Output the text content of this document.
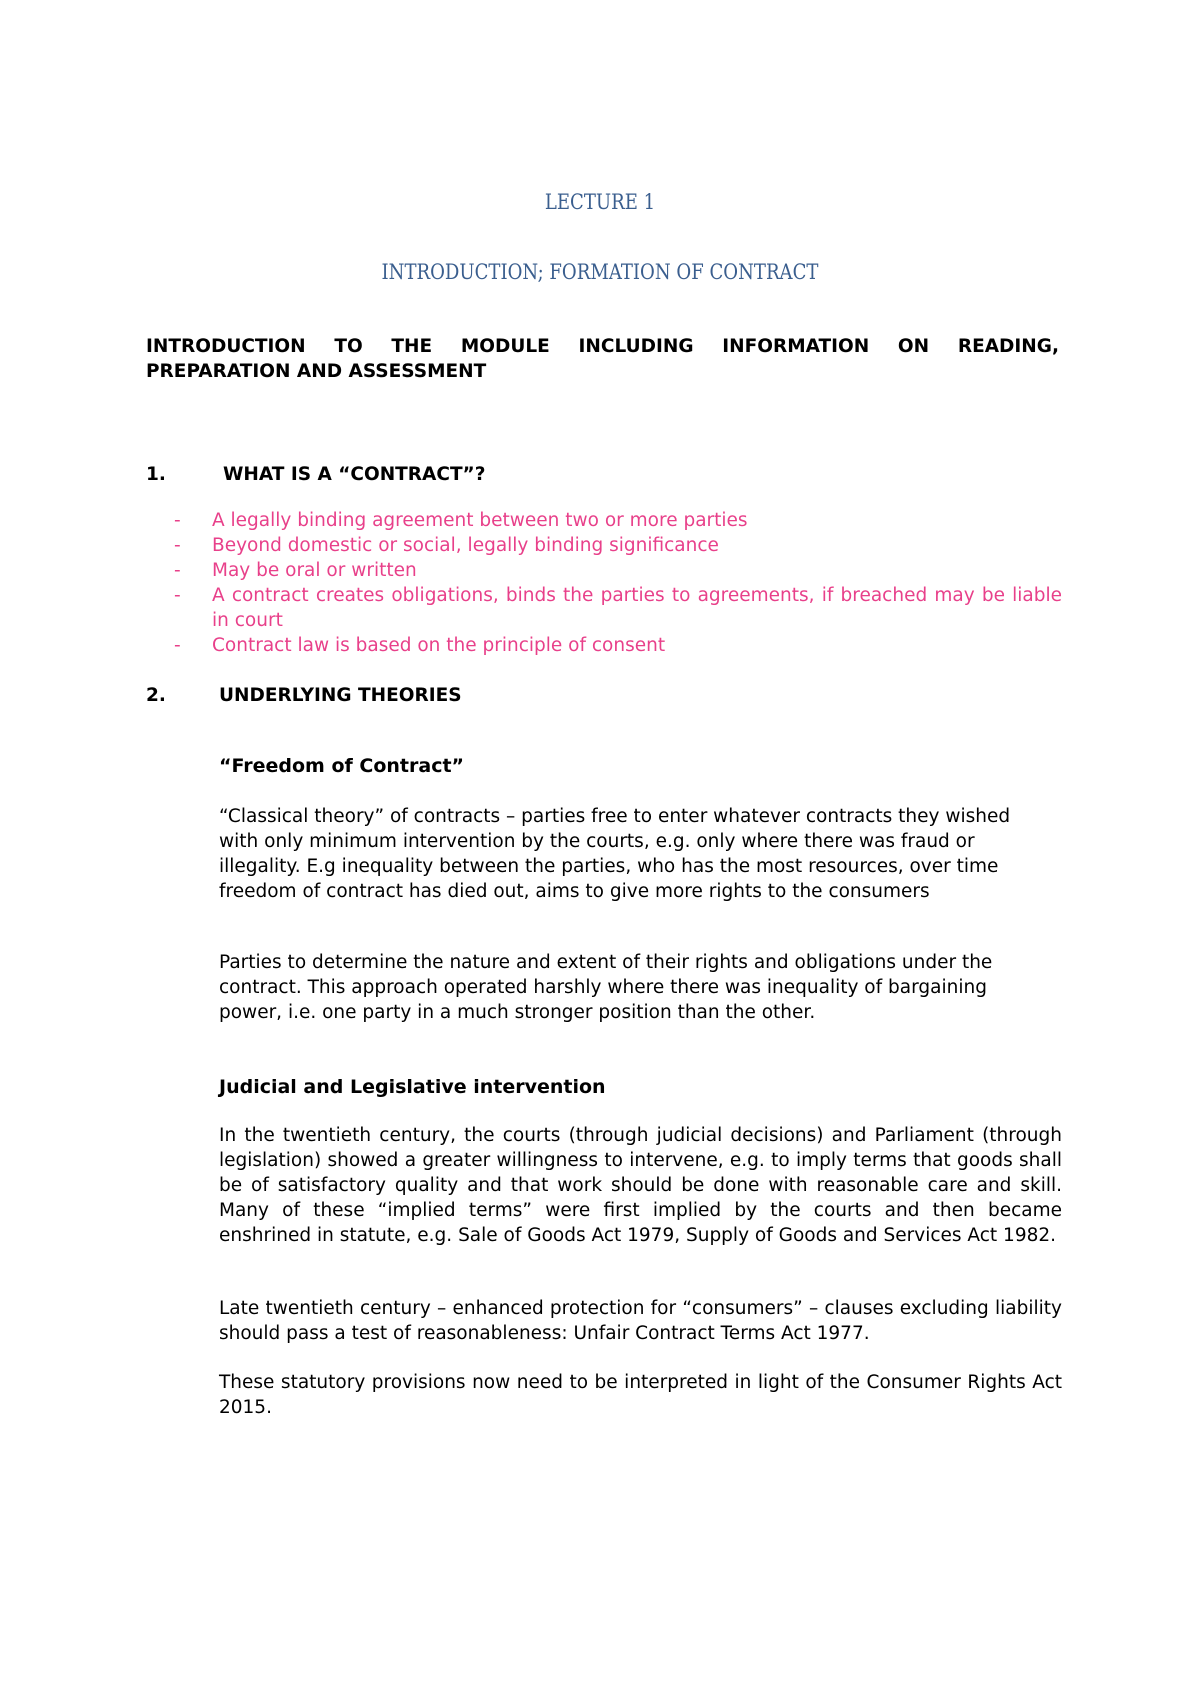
LECTURE 1
INTRODUCTION; FORMATION OF CONTRACT
INTRODUCTION TO THE MODULE INCLUDING INFORMATION ON READING,
PREPARATION AND ASSESSMENT
1.	WHAT IS A “CONTRACT”?
- A legally binding agreement between two or more parties
- Beyond domestic or social, legally binding significance
- May be oral or written
- A contract creates obligations, binds the parties to agreements, if breached may be liable in court
- Contract law is based on the principle of consent
2.	UNDERLYING THEORIES
“Freedom of Contract”

“Classical theory” of contracts – parties free to enter whatever contracts they wished with only minimum intervention by the courts, e.g. only where there was fraud or illegality. E.g inequality between the parties, who has the most resources, over time freedom of contract has died out, aims to give more rights to the consumers

Parties to determine the nature and extent of their rights and obligations under the contract. This approach operated harshly where there was inequality of bargaining power, i.e. one party in a much stronger position than the other.

Judicial and Legislative intervention

In the twentieth century, the courts (through judicial decisions) and Parliament (through legislation) showed a greater willingness to intervene, e.g. to imply terms that goods shall be of satisfactory quality and that work should be done with reasonable care and skill. Many of these “implied terms” were first implied by the courts and then became enshrined in statute, e.g. Sale of Goods Act 1979, Supply of Goods and Services Act 1982.

Late twentieth century – enhanced protection for “consumers” – clauses excluding liability should pass a test of reasonableness: Unfair Contract Terms Act 1977.

These statutory provisions now need to be interpreted in light of the Consumer Rights Act 2015.
